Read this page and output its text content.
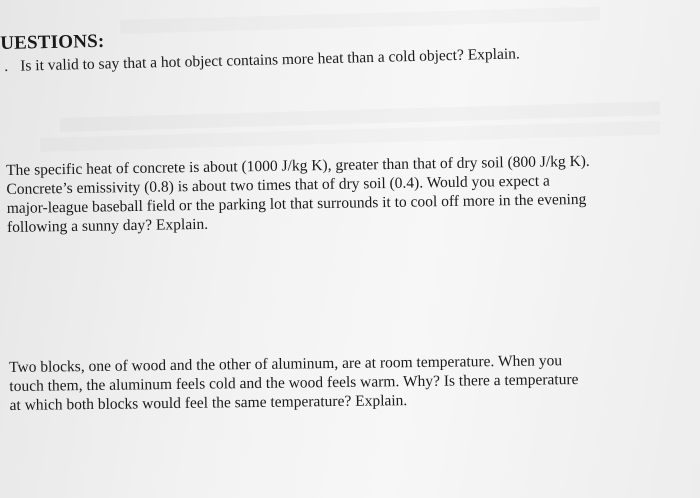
UESTIONS:
. Is it valid to say that a hot object contains more heat than a cold object? Explain.
The specific heat of concrete is about (1000 J/kg K), greater than that of dry soil (800 J/kg K).
Concrete’s emissivity (0.8) is about two times that of dry soil (0.4). Would you expect a
major-league baseball field or the parking lot that surrounds it to cool off more in the evening
following a sunny day? Explain.
Two blocks, one of wood and the other of aluminum, are at room temperature. When you
touch them, the aluminum feels cold and the wood feels warm. Why? Is there a temperature
at which both blocks would feel the same temperature? Explain.
